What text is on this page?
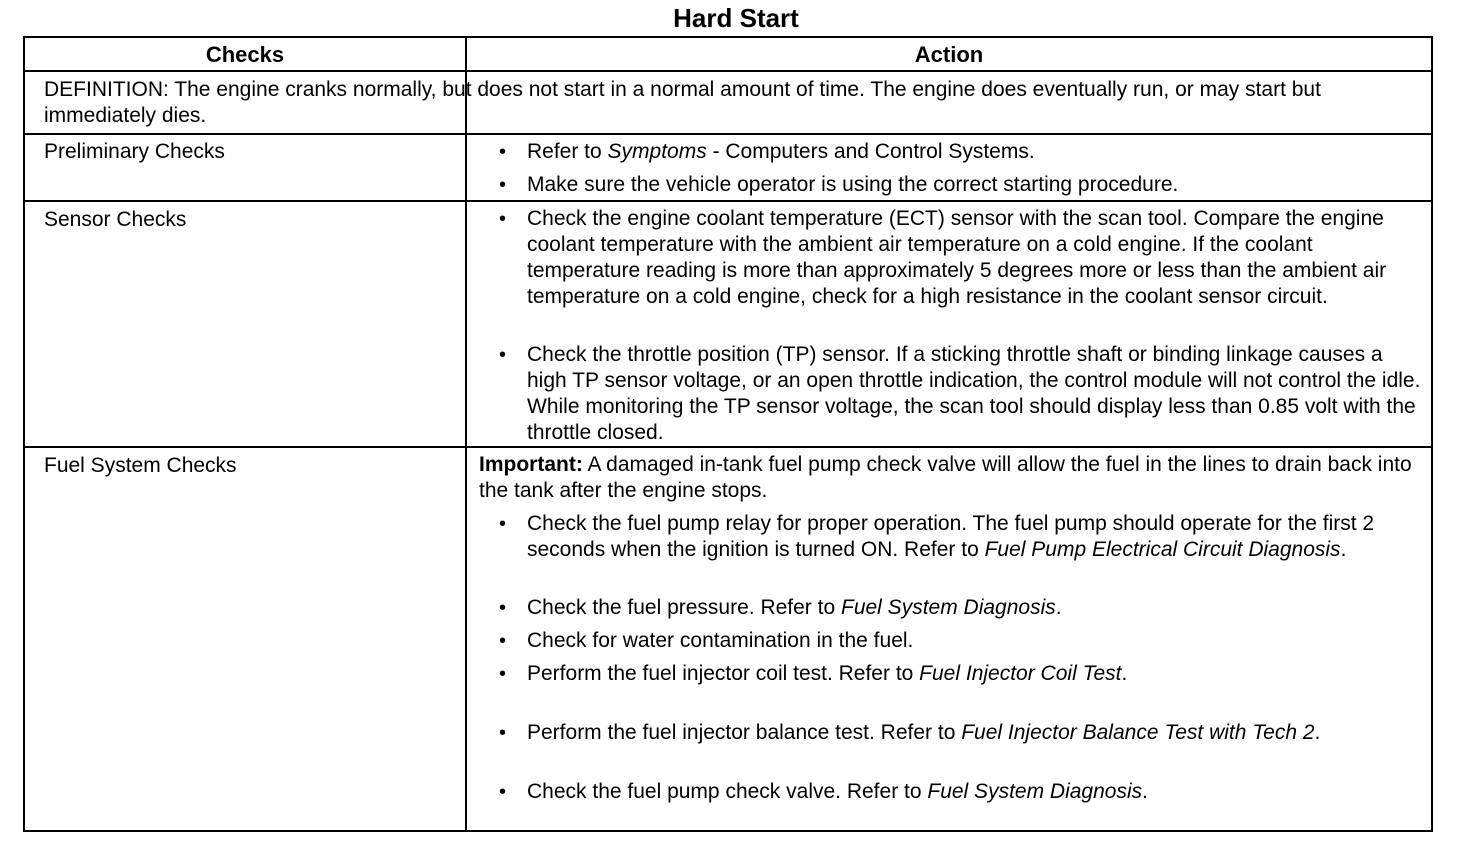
Hard Start
Checks	Action
DEFINITION: The engine cranks normally, but does not start in a normal amount of time. The engine does eventually run, or may start but immediately dies.
Preliminary Checks	• Refer to Symptoms - Computers and Control Systems.
• Make sure the vehicle operator is using the correct starting procedure.
Sensor Checks	• Check the engine coolant temperature (ECT) sensor with the scan tool. Compare the engine coolant temperature with the ambient air temperature on a cold engine. If the coolant temperature reading is more than approximately 5 degrees more or less than the ambient air temperature on a cold engine, check for a high resistance in the coolant sensor circuit.
• Check the throttle position (TP) sensor. If a sticking throttle shaft or binding linkage causes a high TP sensor voltage, or an open throttle indication, the control module will not control the idle. While monitoring the TP sensor voltage, the scan tool should display less than 0.85 volt with the throttle closed.
Fuel System Checks	Important: A damaged in-tank fuel pump check valve will allow the fuel in the lines to drain back into the tank after the engine stops.
• Check the fuel pump relay for proper operation. The fuel pump should operate for the first 2 seconds when the ignition is turned ON. Refer to Fuel Pump Electrical Circuit Diagnosis.
• Check the fuel pressure. Refer to Fuel System Diagnosis.
• Check for water contamination in the fuel.
• Perform the fuel injector coil test. Refer to Fuel Injector Coil Test.
• Perform the fuel injector balance test. Refer to Fuel Injector Balance Test with Tech 2.
• Check the fuel pump check valve. Refer to Fuel System Diagnosis.
